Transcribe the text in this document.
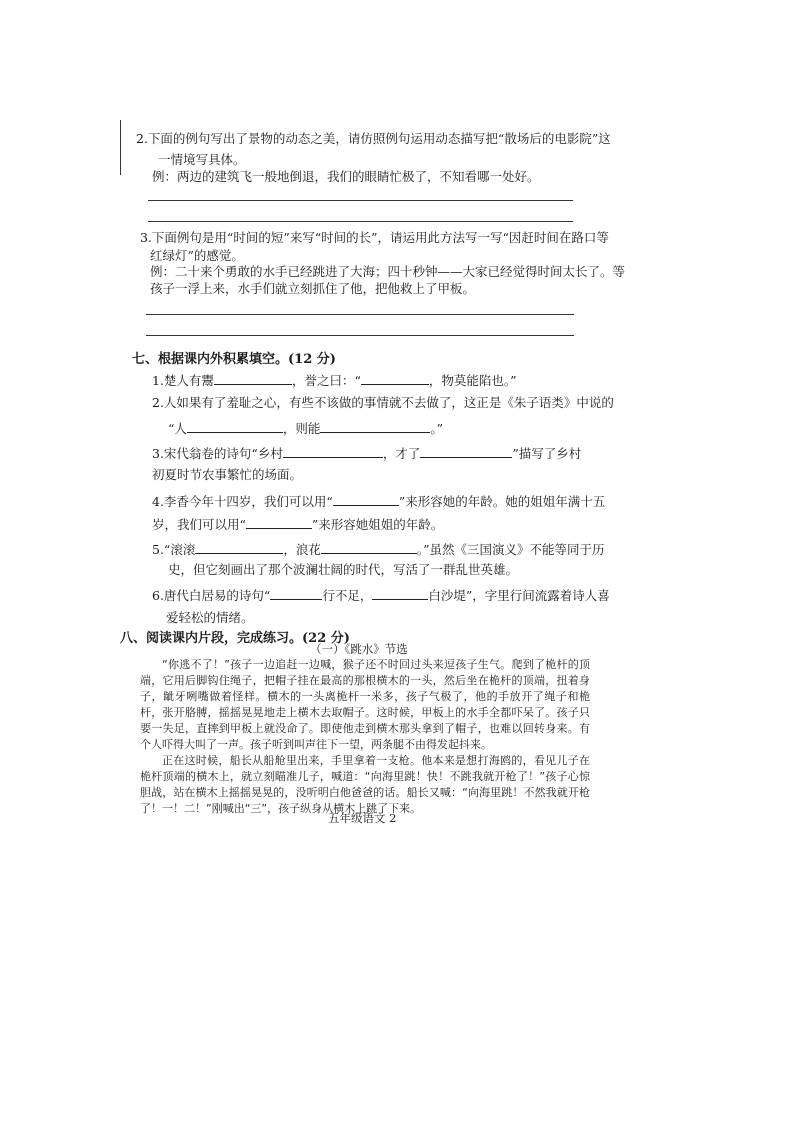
2.下面的例句写出了景物的动态之美，请仿照例句运用动态描写把“散场后的电影院”这
一情境写具体。
例：两边的建筑飞一般地倒退，我们的眼睛忙极了，不知看哪一处好。
3.下面例句是用“时间的短”来写“时间的长”，请运用此方法写一写“因赶时间在路口等
红绿灯”的感觉。
例：二十来个勇敢的水手已经跳进了大海；四十秒钟——大家已经觉得时间太长了。等
孩子一浮上来，水手们就立刻抓住了他，把他救上了甲板。
七、根据课内外积累填空。(12 分)
1.楚人有鬻	，誉之曰：“	，物莫能陷也。”
2.人如果有了羞耻之心，有些不该做的事情就不去做了，这正是《朱子语类》中说的
“人	，则能	。”
3.宋代翁卷的诗句“乡村	，才了	”描写了乡村
初夏时节农事繁忙的场面。
4.李香今年十四岁，我们可以用“	”来形容她的年龄。她的姐姐年满十五
岁，我们可以用“	”来形容她姐姐的年龄。
5.“滚滚	，浪花	。”虽然《三国演义》不能等同于历
史，但它刻画出了那个波澜壮阔的时代，写活了一群乱世英雄。
6.唐代白居易的诗句“	行不足，	白沙堤”，字里行间流露着诗人喜
爱轻松的情绪。
八、阅读课内片段，完成练习。(22 分)
（一）《跳水》节选

“你逃不了！”孩子一边追赶一边喊，猴子还不时回过头来逗孩子生气。爬到了桅杆的顶端，它用后脚钩住绳子，把帽子挂在最高的那根横木的一头，然后坐在桅杆的顶端，扭着身子，龇牙咧嘴做着怪样。横木的一头离桅杆一米多，孩子气极了，他的手放开了绳子和桅杆，张开胳膊，摇摇晃晃地走上横木去取帽子。这时候，甲板上的水手全都吓呆了。孩子只要一失足，直摔到甲板上就没命了。即使他走到横木那头拿到了帽子，也难以回转身来。有个人吓得大叫了一声。孩子听到叫声往下一望，两条腿不由得发起抖来。

正在这时候，船长从船舱里出来，手里拿着一支枪。他本来是想打海鸥的，看见儿子在桅杆顶端的横木上，就立刻瞄准儿子，喊道：“向海里跳！快！不跳我就开枪了！”孩子心惊胆战，站在横木上摇摇晃晃的，没听明白他爸爸的话。船长又喊：“向海里跳！不然我就开枪了！一！二！”刚喊出“三”，孩子纵身从横木上跳了下来。

五年级语文 2
